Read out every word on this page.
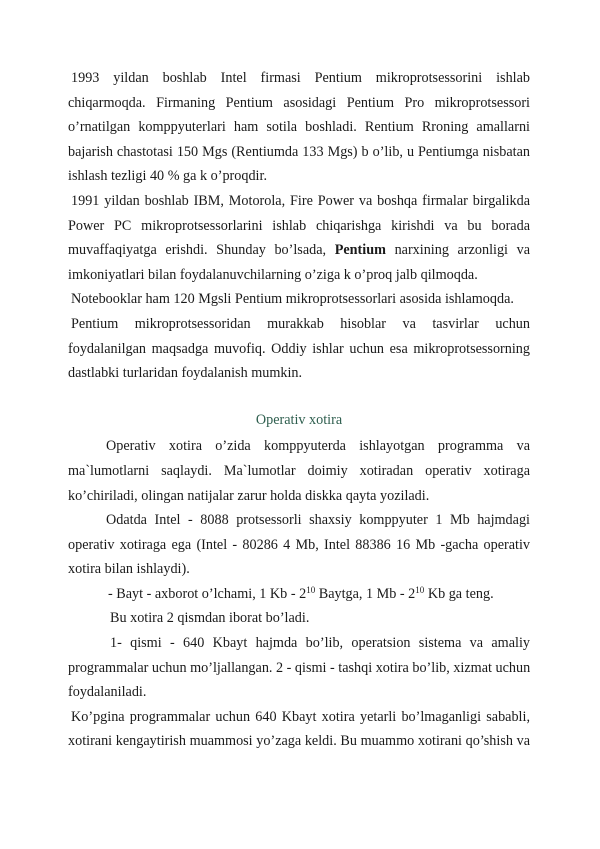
1993 yildan boshlab Intel firmasi Pentium mikroprotsessorini ishlab
chiqarmoqda. Firmaning Pentium asosidagi Pentium Pro mikroprotsessori
o’rnatilgan komppyuterlari ham sotila boshladi. Rentium Rroning amallarni
bajarish chastotasi 150 Mgs (Rentiumda 133 Mgs) b o’lib, u Pentiumga nisbatan
ishlash tezligi 40 % ga k o’proqdir.
1991 yildan boshlab IBM, Motorola, Fire Power va boshqa firmalar birgalikda
Power PC mikroprotsessorlarini ishlab chiqarishga kirishdi va bu borada
muvaffaqiyatga erishdi. Shunday bo’lsada, Pentium narxining arzonligi va
imkoniyatlari bilan foydalanuvchilarning o’ziga k o’proq jalb qilmoqda.
Notebooklar ham 120 Mgsli Pentium mikroprotsessorlari asosida ishlamoqda.
Pentium mikroprotsessoridan murakkab hisoblar va tasvirlar uchun
foydalanilgan maqsadga muvofiq. Oddiy ishlar uchun esa mikroprotsessorning
dastlabki turlaridan foydalanish mumkin.
Operativ xotira
Operativ xotira o’zida komppyuterda ishlayotgan programma va
ma`lumotlarni saqlaydi. Ma`lumotlar doimiy xotiradan operativ xotiraga
ko’chiriladi, olingan natijalar zarur holda diskka qayta yoziladi.
Odatda Intel - 8088 protsessorli shaxsiy komppyuter 1 Mb hajmdagi
operativ xotiraga ega (Intel - 80286 4 Mb, Intel 88386 16 Mb -gacha operativ
xotira bilan ishlaydi).
- Bayt - axborot o’lchami, 1 Kb - $2^{10}$ Baytga, 1 Mb - $2^{10}$ Kb ga teng.
Bu xotira 2 qismdan iborat bo’ladi.
1- qismi - 640 Kbayt hajmda bo’lib, operatsion sistema va amaliy
programmalar uchun mo’ljallangan. 2 - qismi - tashqi xotira bo’lib, xizmat uchun
foydalaniladi.
Ko’pgina programmalar uchun 640 Kbayt xotira yetarli bo’lmaganligi sababli,
xotirani kengaytirish muammosi yo’zaga keldi. Bu muammo xotirani qo’shish va
